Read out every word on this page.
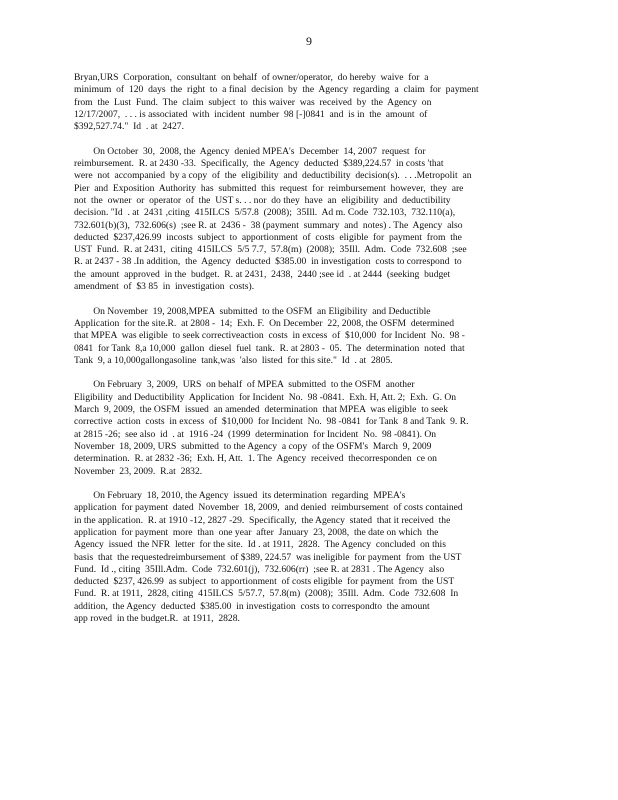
9
Bryan,URS  Corporation,  consultant  on behalf  of owner/operator,  do hereby  waive  for  a
minimum  of  120  days  the  right  to  a final  decision  by  the  Agency  regarding  a  claim  for  payment
from  the  Lust  Fund.  The  claim  subject  to  this waiver  was  received  by  the  Agency  on
12/17/2007,  . . . is associated  with  incident  number  98 [-]0841  and  is in  the  amount  of
$392,527.74."  Id  . at  2427.
On October  30,  2008, the  Agency  denied MPEA's  December  14, 2007  request  for
reimbursement.  R. at 2430 -33.  Specifically,  the  Agency  deducted  $389,224.57  in costs 'that
were  not  accompanied  by a copy  of  the  eligibility  and  deductibility  decision(s).  . . .Metropolit  an
Pier  and  Exposition  Authority  has  submitted  this  request  for  reimbursement  however,  they  are
not  the  owner  or  operator  of  the  UST s. . . nor  do they  have  an  eligibility  and  deductibility
decision. "Id  . at  2431 ,citing  415ILCS  5/57.8  (2008);  35Ill.  Ad m. Code  732.103,  732.110(a),
732.601(b)(3),  732.606(s)  ;see R. at  2436 -  38 (payment  summary  and  notes) . The  Agency  also
deducted  $237,426.99  incosts  subject  to  apportionment  of  costs  eligible  for  payment  from  the
UST  Fund.  R. at 2431,  citing  415ILCS  5/5 7.7,  57.8(m)  (2008);  35Ill.  Adm.  Code  732.608  ;see
R. at 2437 - 38 .In addition,  the  Agency  deducted  $385.00  in investigation  costs to correspond  to
the  amount  approved  in the  budget.  R. at 2431,  2438,  2440 ;see id  . at 2444  (seeking  budget
amendment  of  $3 85  in  investigation  costs).
On November  19, 2008,MPEA  submitted  to the OSFM  an Eligibility  and Deductible
Application  for the site.R.  at 2808 -  14;  Exh. F.  On December  22, 2008, the OSFM  determined
that MPEA  was eligible  to seek correctiveaction  costs  in excess  of  $10,000  for Incident  No.  98 -
0841  for Tank  8,a 10,000  gallon  diesel  fuel  tank.  R. at 2803 -  05.  The  determination  noted  that
Tank  9, a 10,000gallongasoline  tank,was  'also  listed  for this site."  Id  . at  2805.
On February  3, 2009,  URS  on behalf  of MPEA  submitted  to the OSFM  another
Eligibility  and Deductibility  Application  for Incident  No.  98 -0841.  Exh. H, Att. 2;  Exh.  G. On
March  9, 2009,  the OSFM  issued  an amended  determination  that MPEA  was eligible  to seek
corrective  action  costs  in excess  of  $10,000  for Incident  No.  98 -0841  for Tank  8 and Tank  9. R.
at 2815 -26;  see also  id  . at  1916 -24  (1999  determination  for Incident  No.  98 -0841). On
November  18, 2009, URS  submitted  to the Agency  a copy  of the OSFM's  March  9, 2009
determination.  R. at 2832 -36;  Exh. H, Att.  1. The  Agency  received  thecorresponden  ce on
November  23, 2009.  R.at  2832.
On February  18, 2010, the Agency  issued  its determination  regarding  MPEA's
application  for payment  dated  November  18, 2009,  and denied  reimbursement  of costs contained
in the application.  R. at 1910 -12, 2827 -29.  Specifically,  the Agency  stated  that it received  the
application  for payment  more  than  one year  after  January  23, 2008,  the date on which  the
Agency  issued  the NFR  letter  for the site.  Id . at 1911,  2828.  The Agency  concluded  on this
basis  that  the requestedreimbursement  of $389, 224.57  was ineligible  for payment  from  the UST
Fund.  Id ., citing  35Ill.Adm.  Code  732.601(j),  732.606(rr)  ;see R. at 2831 . The Agency  also
deducted  $237, 426.99  as subject  to apportionment  of costs eligible  for payment  from  the UST
Fund.  R. at 1911,  2828, citing  415ILCS  5/57.7,  57.8(m)  (2008);  35Ill.  Adm.  Code  732.608  In
addition,  the Agency  deducted  $385.00  in investigation  costs to correspondto  the amount
app roved  in the budget.R.  at 1911,  2828.
